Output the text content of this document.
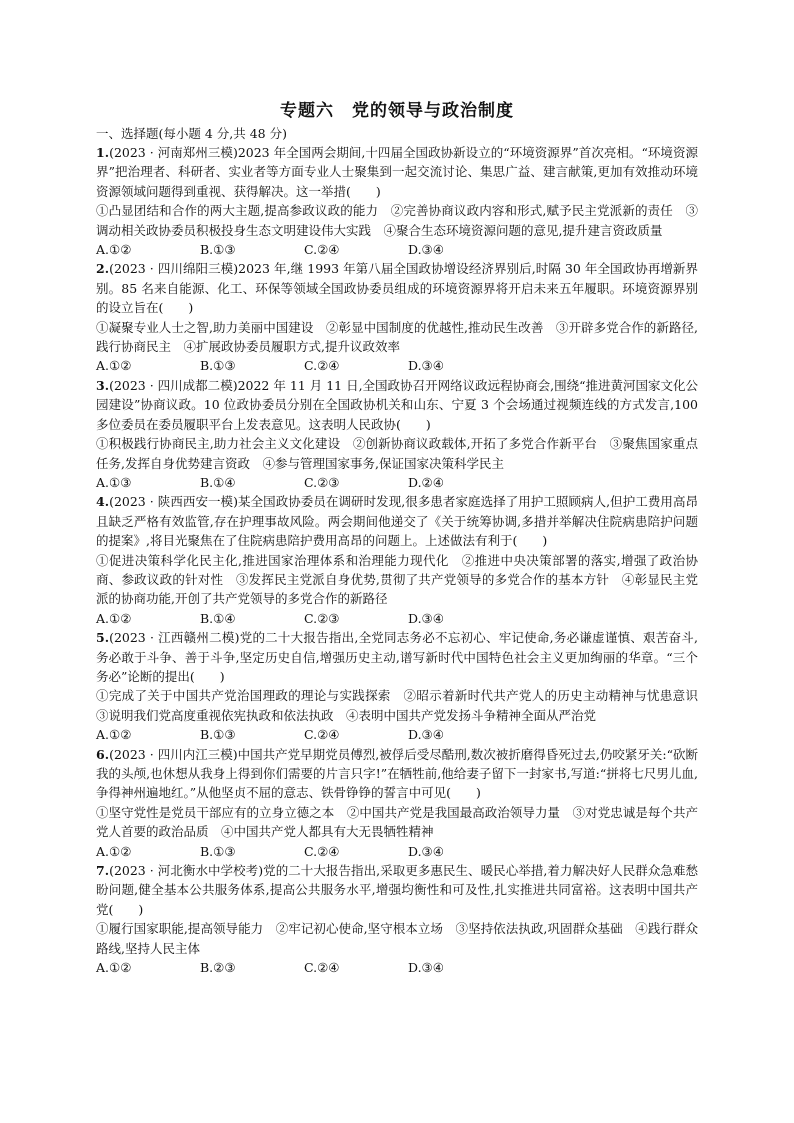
专题六　党的领导与政治制度

一、选择题(每小题 4 分,共 48 分)

1.(2023 · 河南郑州三模)2023 年全国两会期间,十四届全国政协新设立的“环境资源界”首次亮相。“环境资源界”把治理者、科研者、实业者等方面专业人士聚集到一起交流讨论、集思广益、建言献策,更加有效推动环境资源领域问题得到重视、获得解决。这一举措(　　)

①凸显团结和合作的两大主题,提高参政议政的能力　②完善协商议政内容和形式,赋予民主党派新的责任　③调动相关政协委员积极投身生态文明建设伟大实践　④聚合生态环境资源问题的意见,提升建言资政质量

A.①②	B.①③	C.②④	D.③④

2.(2023 · 四川绵阳三模)2023 年,继 1993 年第八届全国政协增设经济界别后,时隔 30 年全国政协再增新界别。85 名来自能源、化工、环保等领域全国政协委员组成的环境资源界将开启未来五年履职。环境资源界别的设立旨在(　　)

①凝聚专业人士之智,助力美丽中国建设　②彰显中国制度的优越性,推动民生改善　③开辟多党合作的新路径,践行协商民主　④扩展政协委员履职方式,提升议政效率

A.①②	B.①③	C.②④	D.③④

3.(2023 · 四川成都二模)2022 年 11 月 11 日,全国政协召开网络议政远程协商会,围绕“推进黄河国家文化公园建设”协商议政。10 位政协委员分别在全国政协机关和山东、宁夏 3 个会场通过视频连线的方式发言,100 多位委员在委员履职平台上发表意见。这表明人民政协(　　)

①积极践行协商民主,助力社会主义文化建设　②创新协商议政载体,开拓了多党合作新平台　③聚焦国家重点任务,发挥自身优势建言资政　④参与管理国家事务,保证国家决策科学民主

A.①③	B.①④	C.②③	D.②④

4.(2023 · 陕西西安一模)某全国政协委员在调研时发现,很多患者家庭选择了用护工照顾病人,但护工费用高昂且缺乏严格有效监管,存在护理事故风险。两会期间他递交了《关于统筹协调,多措并举解决住院病患陪护问题的提案》,将目光聚焦在了住院病患陪护费用高昂的问题上。上述做法有利于(　　)

①促进决策科学化民主化,推进国家治理体系和治理能力现代化　②推进中央决策部署的落实,增强了政治协商、参政议政的针对性　③发挥民主党派自身优势,贯彻了共产党领导的多党合作的基本方针　④彰显民主党派的协商功能,开创了共产党领导的多党合作的新路径

A.①②	B.①④	C.②③	D.③④

5.(2023 · 江西赣州二模)党的二十大报告指出,全党同志务必不忘初心、牢记使命,务必谦虚谨慎、艰苦奋斗,务必敢于斗争、善于斗争,坚定历史自信,增强历史主动,谱写新时代中国特色社会主义更加绚丽的华章。“三个务必”论断的提出(　　)

①完成了关于中国共产党治国理政的理论与实践探索　②昭示着新时代共产党人的历史主动精神与忧患意识　③说明我们党高度重视依宪执政和依法执政　④表明中国共产党发扬斗争精神全面从严治党

A.①②	B.①③	C.②④	D.③④

6.(2023 · 四川内江三模)中国共产党早期党员傅烈,被俘后受尽酷刑,数次被折磨得昏死过去,仍咬紧牙关:“砍断我的头颅,也休想从我身上得到你们需要的片言只字!”在牺牲前,他给妻子留下一封家书,写道:“拼将七尺男儿血,争得神州遍地红。”从他坚贞不屈的意志、铁骨铮铮的誓言中可见(　　)

①坚守党性是党员干部应有的立身立德之本　②中国共产党是我国最高政治领导力量　③对党忠诚是每个共产党人首要的政治品质　④中国共产党人都具有大无畏牺牲精神

A.①②	B.①③	C.②④	D.③④

7.(2023 · 河北衡水中学校考)党的二十大报告指出,采取更多惠民生、暖民心举措,着力解决好人民群众急难愁盼问题,健全基本公共服务体系,提高公共服务水平,增强均衡性和可及性,扎实推进共同富裕。这表明中国共产党(　　)

①履行国家职能,提高领导能力　②牢记初心使命,坚守根本立场　③坚持依法执政,巩固群众基础　④践行群众路线,坚持人民主体

A.①②	B.②③	C.②④	D.③④
